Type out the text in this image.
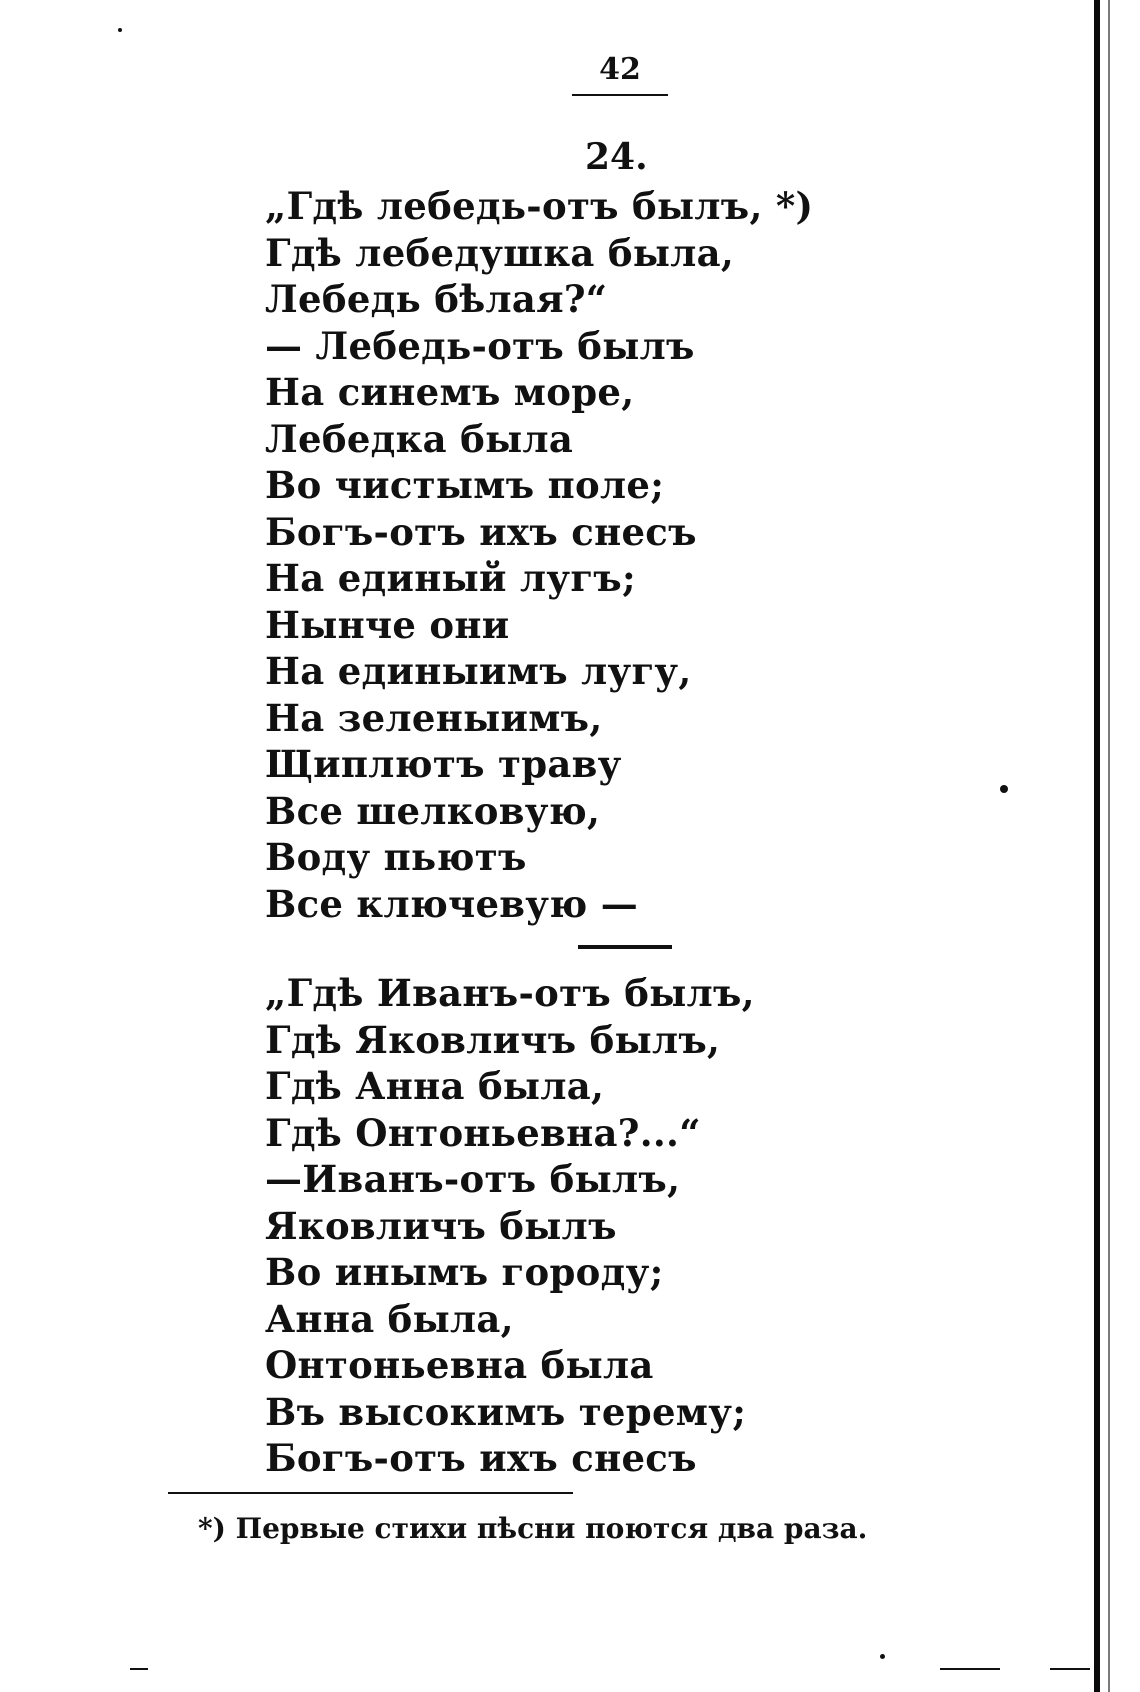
42
24.
„Гдѣ лебедь-отъ былъ, *)
Гдѣ лебедушка была,
Лебедь бѣлая?“
— Лебедь-отъ былъ
На синемъ море,
Лебедка была
Во чистымъ поле;
Богъ-отъ ихъ снесъ
На единый лугъ;
Нынче они
На единыимъ лугу,
На зеленыимъ,
Щиплютъ траву
Все шелковую,
Воду пьютъ
Все ключевую —
„Гдѣ Иванъ-отъ былъ,
Гдѣ Яковличъ былъ,
Гдѣ Анна была,
Гдѣ Онтоньевна?...“
—Иванъ-отъ былъ,
Яковличъ былъ
Во инымъ городу;
Анна была,
Онтоньевна была
Въ высокимъ терему;
Богъ-отъ ихъ снесъ
*) Первые стихи пѣсни поются два раза.
